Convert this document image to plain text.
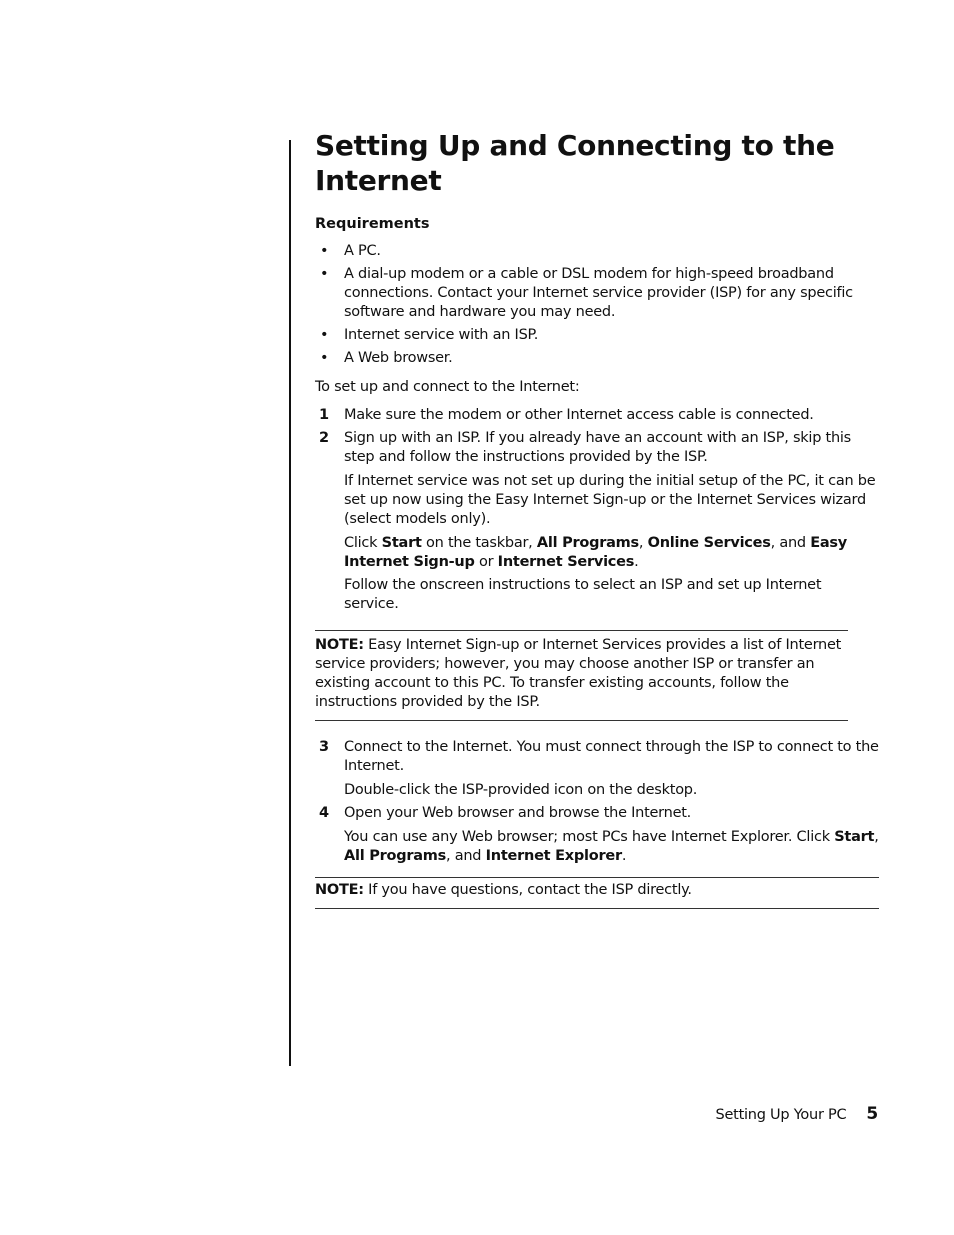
Setting Up and Connecting to the Internet

Requirements

• A PC.
• A dial-up modem or a cable or DSL modem for high-speed broadband connections. Contact your Internet service provider (ISP) for any specific software and hardware you may need.
• Internet service with an ISP.
• A Web browser.

To set up and connect to the Internet:

1 Make sure the modem or other Internet access cable is connected.

2 Sign up with an ISP. If you already have an account with an ISP, skip this step and follow the instructions provided by the ISP.

If Internet service was not set up during the initial setup of the PC, it can be set up now using the Easy Internet Sign-up or the Internet Services wizard (select models only).

Click Start on the taskbar, All Programs, Online Services, and Easy Internet Sign-up or Internet Services.

Follow the onscreen instructions to select an ISP and set up Internet service.

NOTE: Easy Internet Sign-up or Internet Services provides a list of Internet service providers; however, you may choose another ISP or transfer an existing account to this PC. To transfer existing accounts, follow the instructions provided by the ISP.

3 Connect to the Internet. You must connect through the ISP to connect to the Internet.

Double-click the ISP-provided icon on the desktop.

4 Open your Web browser and browse the Internet.

You can use any Web browser; most PCs have Internet Explorer. Click Start, All Programs, and Internet Explorer.

NOTE: If you have questions, contact the ISP directly.

Setting Up Your PC 5
